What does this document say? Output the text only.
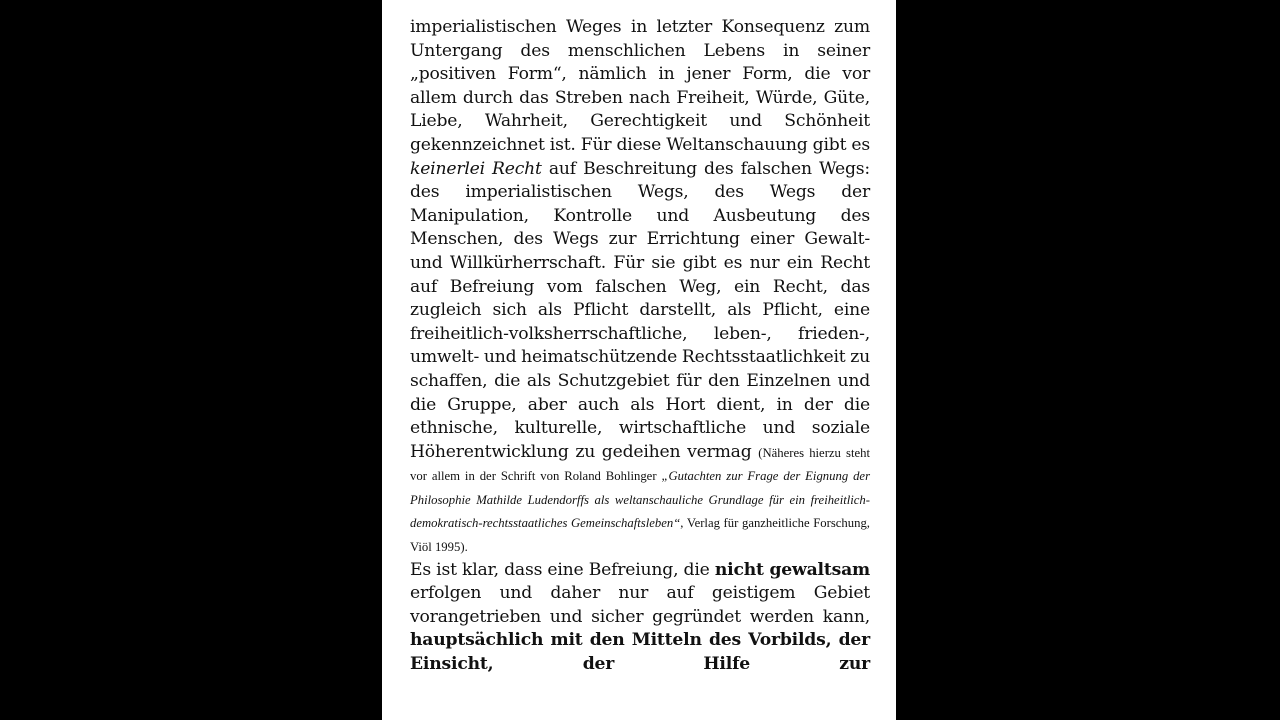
imperialistischen Weges in letzter Konsequenz zum Untergang des menschlichen Lebens in seiner „positiven Form“, nämlich in jener Form, die vor allem durch das Streben nach Freiheit, Würde, Güte, Liebe, Wahrheit, Gerechtigkeit und Schönheit gekennzeichnet ist. Für diese Weltanschauung gibt es keinerlei Recht auf Beschreitung des falschen Wegs: des imperialistischen Wegs, des Wegs der Manipulation, Kontrolle und Ausbeutung des Menschen, des Wegs zur Errichtung einer Gewalt- und Willkürherrschaft. Für sie gibt es nur ein Recht auf Befreiung vom falschen Weg, ein Recht, das zugleich sich als Pflicht darstellt, als Pflicht, eine freiheitlich-volksherrschaftliche, leben-, frieden-, umwelt- und heimatschützende Rechtsstaatlichkeit zu schaffen, die als Schutzgebiet für den Einzelnen und die Gruppe, aber auch als Hort dient, in der die ethnische, kulturelle, wirtschaftliche und soziale Höherentwicklung zu gedeihen vermag (Näheres hierzu steht vor allem in der Schrift von Roland Bohlinger „Gutachten zur Frage der Eignung der Philosophie Mathilde Ludendorffs als weltanschauliche Grundlage für ein freiheitlich-demokratisch-rechtsstaatliches Gemeinschaftsleben“, Verlag für ganzheitliche Forschung, Viöl 1995).

Es ist klar, dass eine Befreiung, die nicht gewaltsam erfolgen und daher nur auf geistigem Gebiet vorangetrieben und sicher gegründet werden kann, hauptsächlich mit den Mitteln des Vorbilds, der Einsicht, der Hilfe zur
